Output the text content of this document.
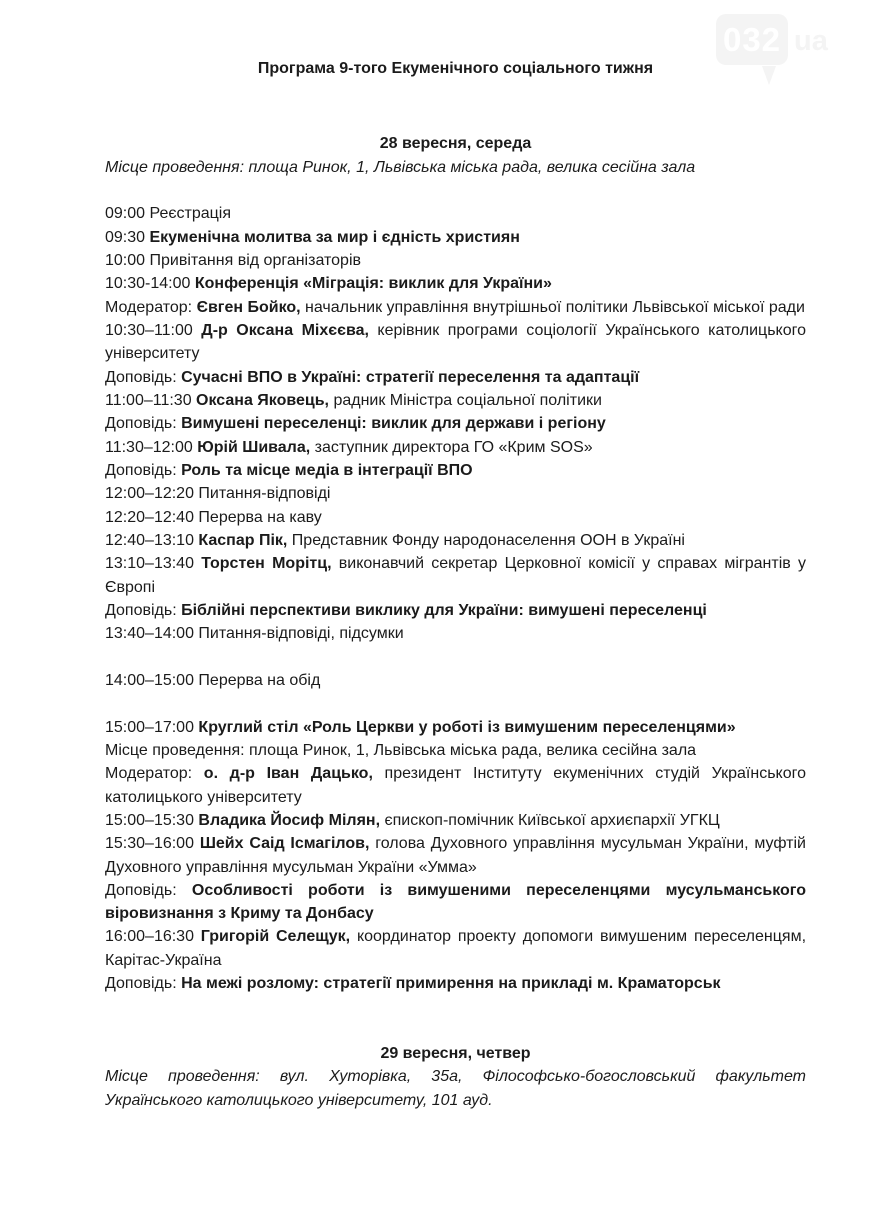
032 ua

Програма 9-того Екуменічного соціального тижня

28 вересня, середа

Місце проведення: площа Ринок, 1, Львівська міська рада, велика сесійна зала

09:00 Реєстрація

09:30 Екуменічна молитва за мир і єдність християн

10:00 Привітання від організаторів

10:30-14:00 Конференція «Міграція: виклик для України»

Модератор: Євген Бойко, начальник управління внутрішньої політики Львівської міської ради

10:30–11:00 Д-р Оксана Міхєєва, керівник програми соціології Українського католицького університету

Доповідь: Сучасні ВПО в Україні: стратегії переселення та адаптації

11:00–11:30 Оксана Яковець, радник Міністра соціальної політики

Доповідь: Вимушені переселенці: виклик для держави і регіону

11:30–12:00 Юрій Шивала, заступник директора ГО «Крим SOS»

Доповідь: Роль та місце медіа в інтеграції ВПО

12:00–12:20 Питання-відповіді

12:20–12:40 Перерва на каву

12:40–13:10 Каспар Пік, Представник Фонду народонаселення ООН в Україні

13:10–13:40 Торстен Морітц, виконавчий секретар Церковної комісії у справах мігрантів у Європі

Доповідь: Біблійні перспективи виклику для України: вимушені переселенці

13:40–14:00 Питання-відповіді, підсумки

14:00–15:00 Перерва на обід

15:00–17:00 Круглий стіл «Роль Церкви у роботі із вимушеним переселенцями»

Місце проведення: площа Ринок, 1, Львівська міська рада, велика сесійна зала

Модератор: о. д-р Іван Дацько, президент Інституту екуменічних студій Українського католицького університету

15:00–15:30 Владика Йосиф Мілян, єпископ-помічник Київської архиєпархії УГКЦ

15:30–16:00 Шейх Саід Ісмагілов, голова Духовного управління мусульман України, муфтій Духовного управління мусульман України «Умма»

Доповідь: Особливості роботи із вимушеними переселенцями мусульманського віровизнання з Криму та Донбасу

16:00–16:30 Григорій Селещук, координатор проекту допомоги вимушеним переселенцям, Карітас-Україна

Доповідь: На межі розлому: стратегії примирення на прикладі м. Краматорськ

29 вересня, четвер

Місце проведення: вул. Хуторівка, 35а, Філософсько-богословський факультет Українського католицького університету, 101 ауд.
